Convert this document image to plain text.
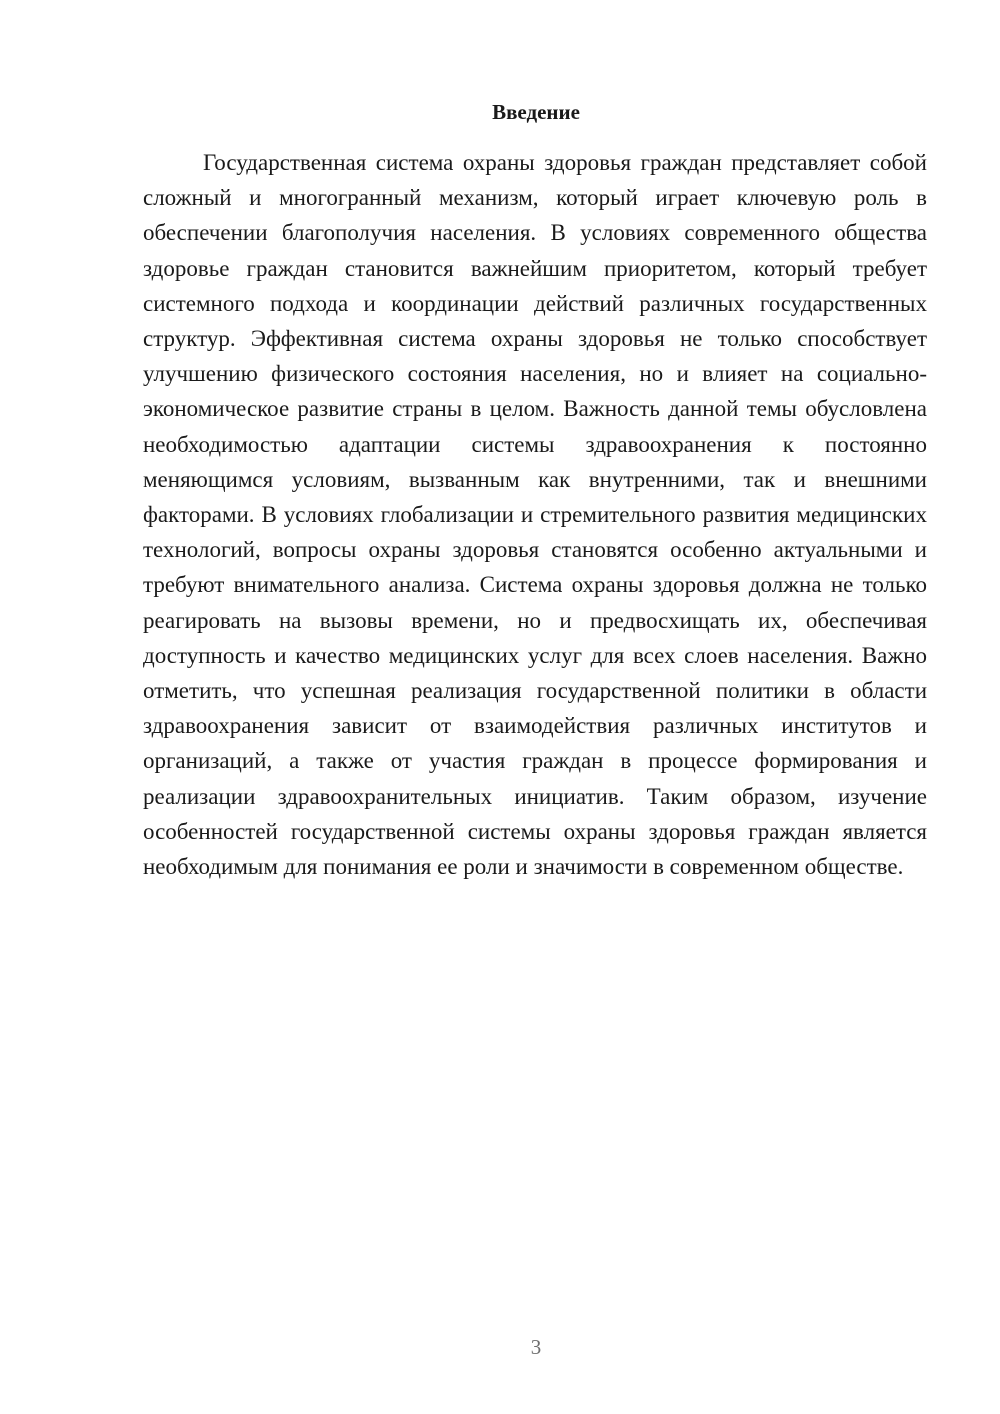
Введение

Государственная система охраны здоровья граждан представляет собой сложный и многогранный механизм, который играет ключевую роль в обеспечении благополучия населения. В условиях современного общества здоровье граждан становится важнейшим приоритетом, который требует системного подхода и координации действий различных государственных структур. Эффективная система охраны здоровья не только способствует улучшению физического состояния населения, но и влияет на социально-экономическое развитие страны в целом. Важность данной темы обусловлена необходимостью адаптации системы здравоохранения к постоянно меняющимся условиям, вызванным как внутренними, так и внешними факторами. В условиях глобализации и стремительного развития медицинских технологий, вопросы охраны здоровья становятся особенно актуальными и требуют внимательного анализа. Система охраны здоровья должна не только реагировать на вызовы времени, но и предвосхищать их, обеспечивая доступность и качество медицинских услуг для всех слоев населения. Важно отметить, что успешная реализация государственной политики в области здравоохранения зависит от взаимодействия различных институтов и организаций, а также от участия граждан в процессе формирования и реализации здравоохранительных инициатив. Таким образом, изучение особенностей государственной системы охраны здоровья граждан является необходимым для понимания ее роли и значимости в современном обществе.

3
